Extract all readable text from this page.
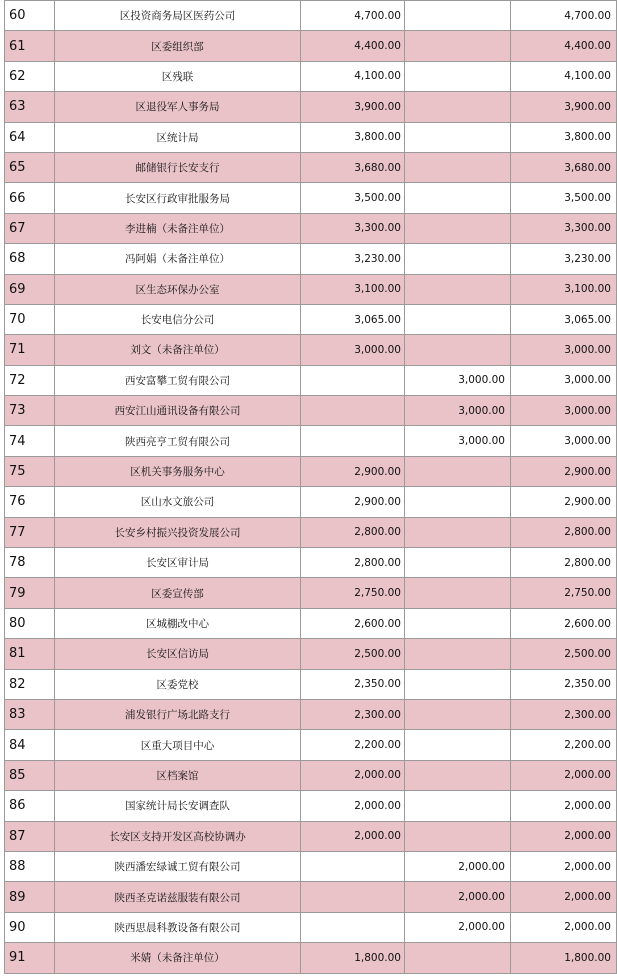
60	区投资商务局区医药公司	4,700.00		4,700.00
61	区委组织部	4,400.00		4,400.00
62	区残联	4,100.00		4,100.00
63	区退役军人事务局	3,900.00		3,900.00
64	区统计局	3,800.00		3,800.00
65	邮储银行长安支行	3,680.00		3,680.00
66	长安区行政审批服务局	3,500.00		3,500.00
67	李进楠（未备注单位）	3,300.00		3,300.00
68	冯阿娟（未备注单位）	3,230.00		3,230.00
69	区生态环保办公室	3,100.00		3,100.00
70	长安电信分公司	3,065.00		3,065.00
71	刘文（未备注单位）	3,000.00		3,000.00
72	西安富攀工贸有限公司		3,000.00	3,000.00
73	西安江山通讯设备有限公司		3,000.00	3,000.00
74	陕西亮亨工贸有限公司		3,000.00	3,000.00
75	区机关事务服务中心	2,900.00		2,900.00
76	区山水文旅公司	2,900.00		2,900.00
77	长安乡村振兴投资发展公司	2,800.00		2,800.00
78	长安区审计局	2,800.00		2,800.00
79	区委宣传部	2,750.00		2,750.00
80	区城棚改中心	2,600.00		2,600.00
81	长安区信访局	2,500.00		2,500.00
82	区委党校	2,350.00		2,350.00
83	浦发银行广场北路支行	2,300.00		2,300.00
84	区重大项目中心	2,200.00		2,200.00
85	区档案馆	2,000.00		2,000.00
86	国家统计局长安调查队	2,000.00		2,000.00
87	长安区支持开发区高校协调办	2,000.00		2,000.00
88	陕西潘宏绿诚工贸有限公司		2,000.00	2,000.00
89	陕西圣克诺兹服装有限公司		2,000.00	2,000.00
90	陕西思晨科教设备有限公司		2,000.00	2,000.00
91	米婧（未备注单位）	1,800.00		1,800.00
